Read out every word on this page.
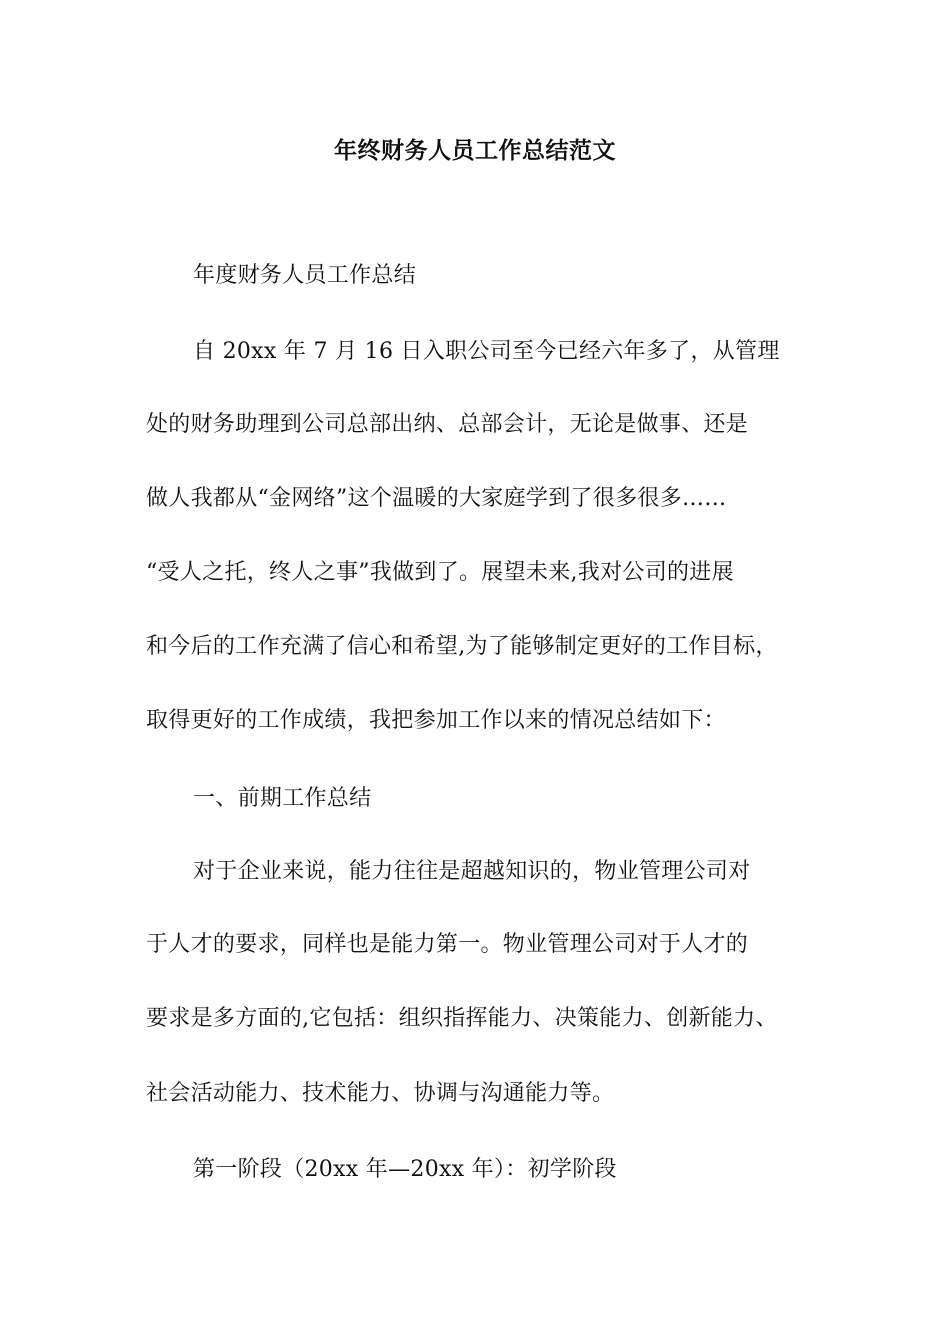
年终财务人员工作总结范文
年度财务人员工作总结
自 20xx 年 7 月 16 日入职公司至今已经六年多了，从管理
处的财务助理到公司总部出纳、总部会计，无论是做事、还是
做人我都从“金网络”这个温暖的大家庭学到了很多很多……
“受人之托，终人之事”我做到了。展望未来,我对公司的进展
和今后的工作充满了信心和希望,为了能够制定更好的工作目标，
取得更好的工作成绩，我把参加工作以来的情况总结如下：
一、前期工作总结
对于企业来说，能力往往是超越知识的，物业管理公司对
于人才的要求，同样也是能力第一。物业管理公司对于人才的
要求是多方面的,它包括：组织指挥能力、决策能力、创新能力、
社会活动能力、技术能力、协调与沟通能力等。
第一阶段（20xx 年—20xx 年）：初学阶段
